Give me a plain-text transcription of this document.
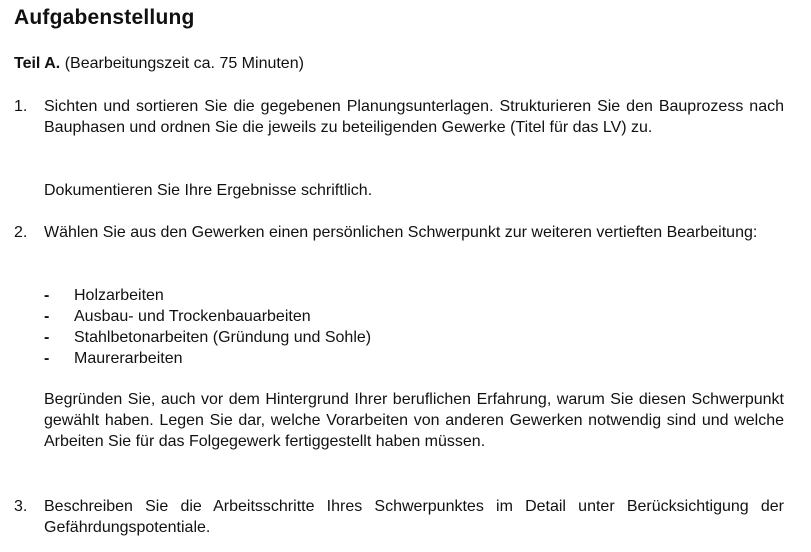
Aufgabenstellung

Teil A. (Bearbeitungszeit ca. 75 Minuten)

1.	Sichten und sortieren Sie die gegebenen Planungsunterlagen. Strukturieren Sie den Bauprozess nach Bauphasen und ordnen Sie die jeweils zu beteiligenden Gewerke (Titel für das LV) zu.

Dokumentieren Sie Ihre Ergebnisse schriftlich.

2.	Wählen Sie aus den Gewerken einen persönlichen Schwerpunkt zur weiteren vertieften Bearbeitung:
- Holzarbeiten
- Ausbau- und Trockenbauarbeiten
- Stahlbetonarbeiten (Gründung und Sohle)
- Maurerarbeiten

Begründen Sie, auch vor dem Hintergrund Ihrer beruflichen Erfahrung, warum Sie diesen Schwerpunkt gewählt haben. Legen Sie dar, welche Vorarbeiten von anderen Gewerken notwendig sind und welche Arbeiten Sie für das Folgegewerk fertiggestellt haben müssen.

3.	Beschreiben Sie die Arbeitsschritte Ihres Schwerpunktes im Detail unter Berücksichtigung der Gefährdungspotentiale.
